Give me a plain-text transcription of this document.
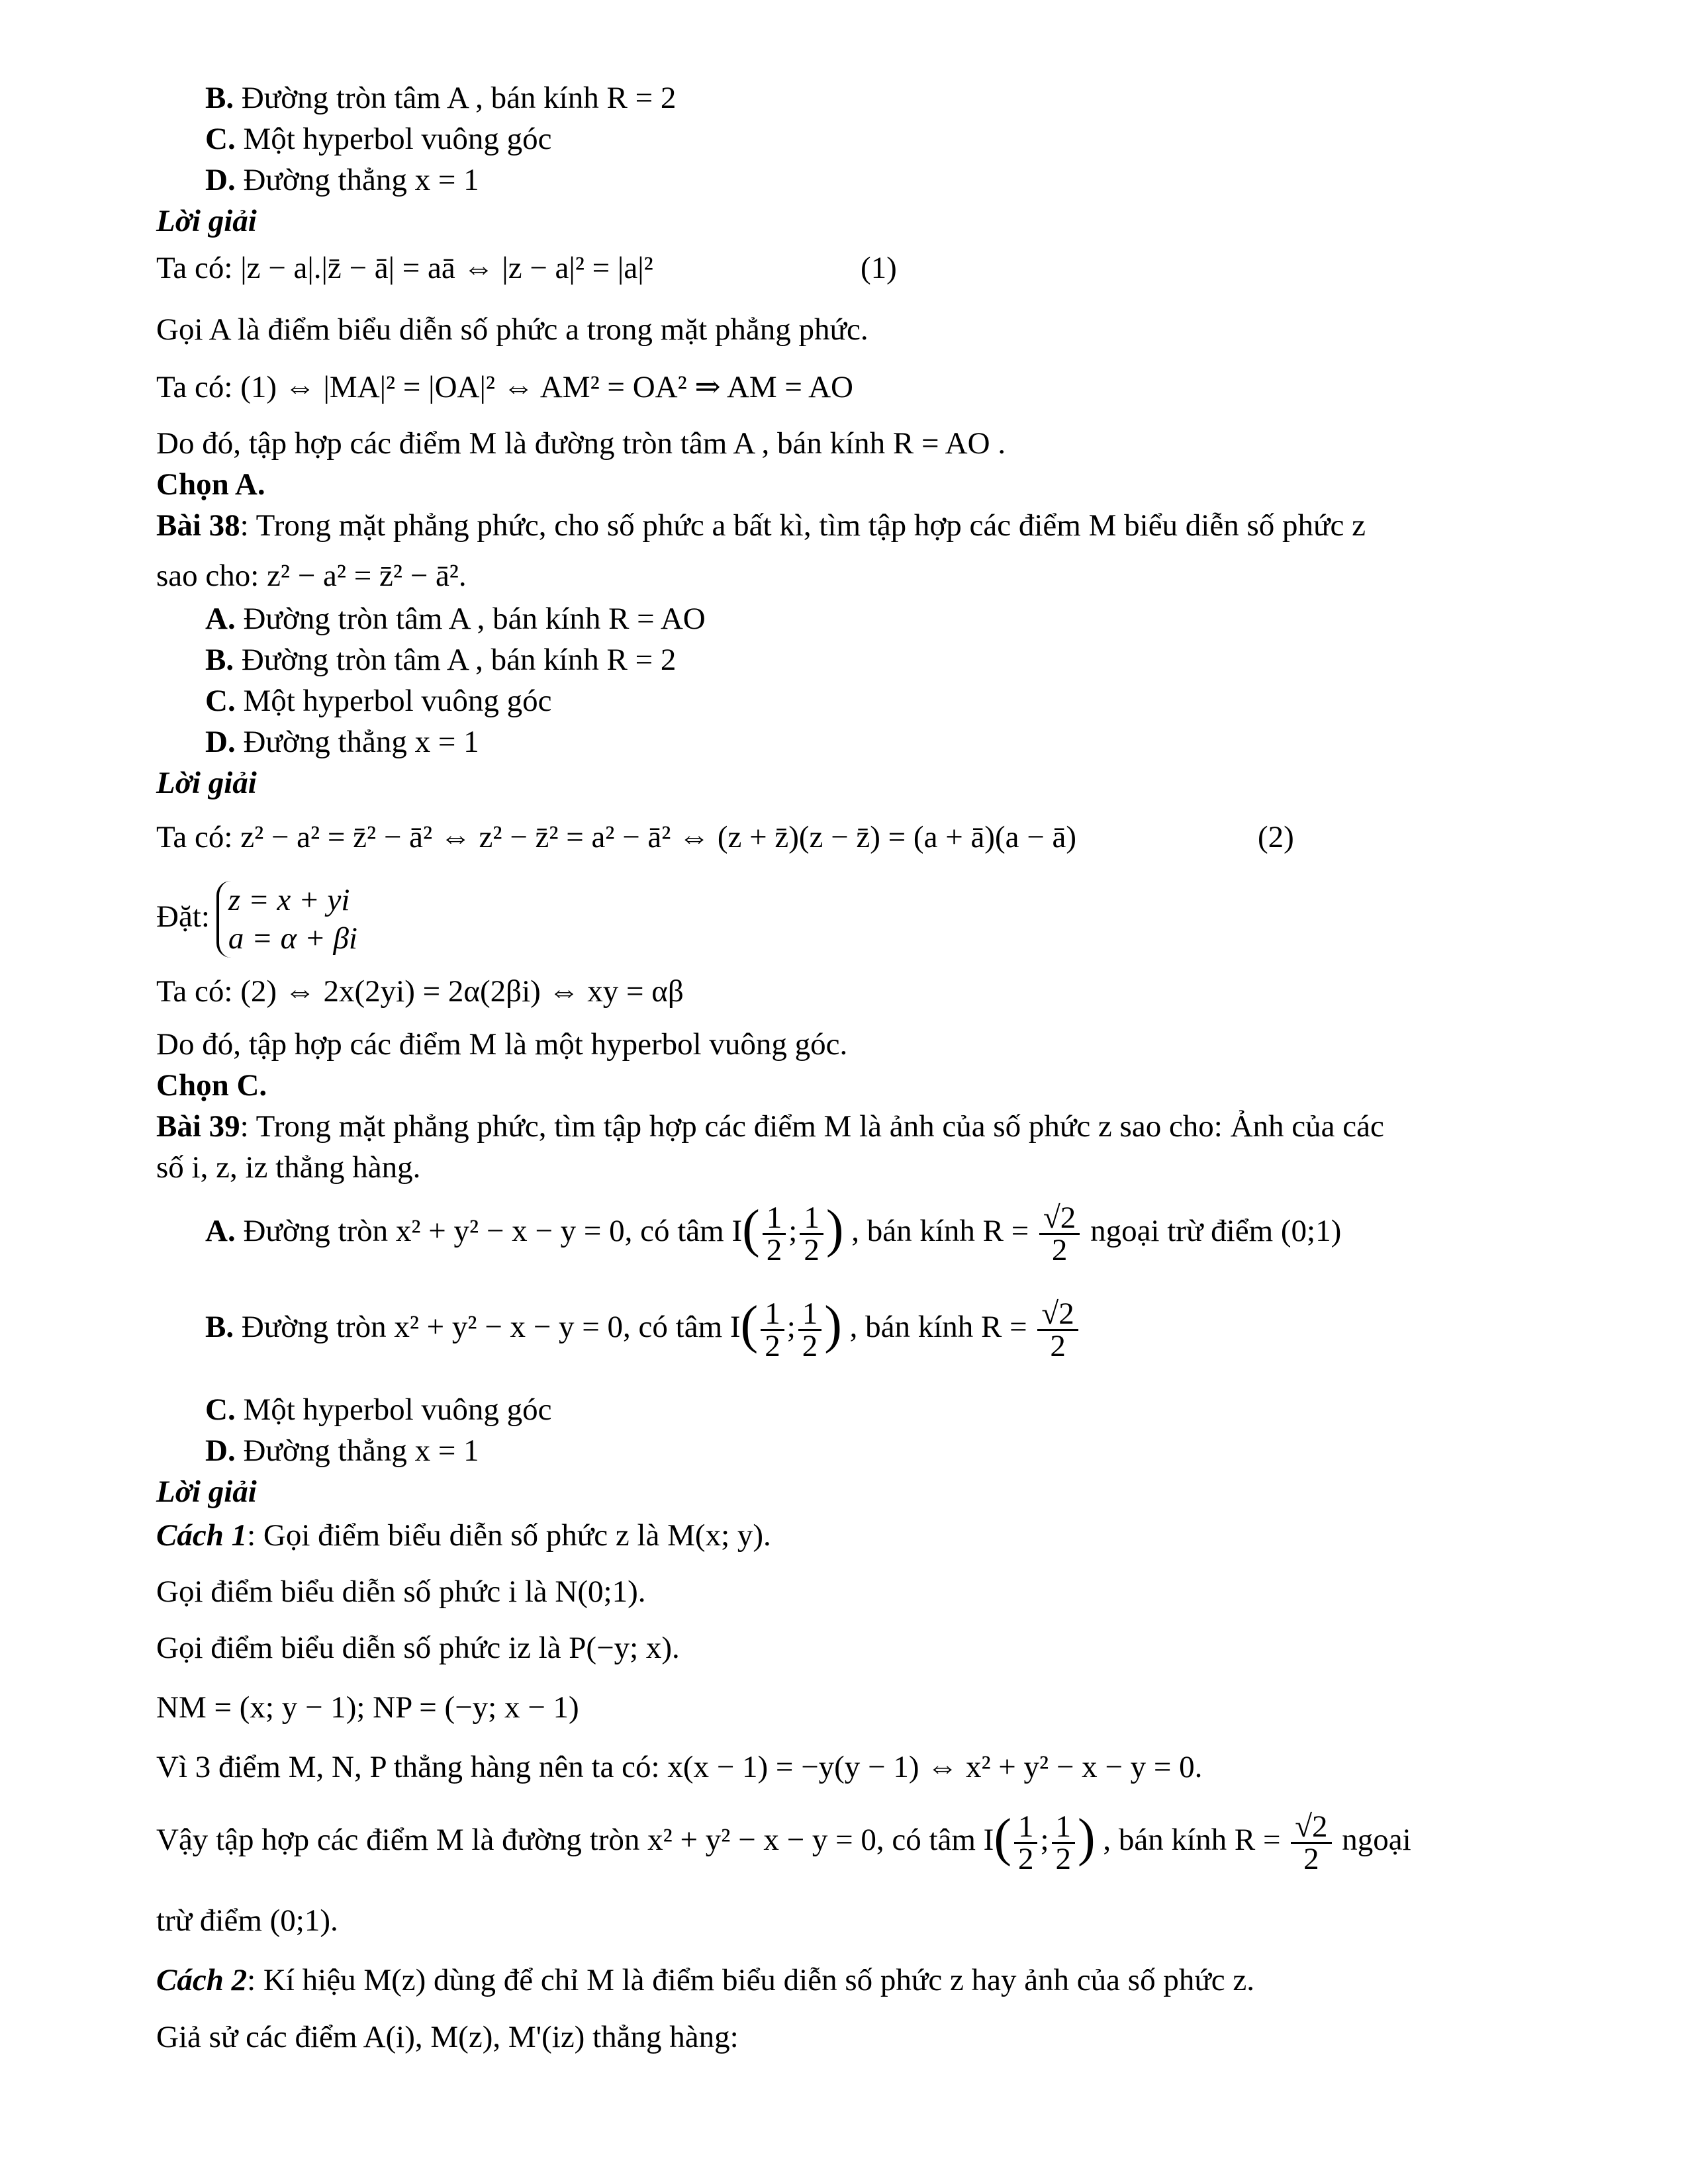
B. Đường tròn tâm A , bán kính R = 2
C. Một hyperbol vuông góc
D. Đường thẳng x = 1
Lời giải
Ta có: |z − a|.|z̄ − ā| = aā ⇔ |z − a|² = |a|²	(1)
Gọi A là điểm biểu diễn số phức a trong mặt phẳng phức.
Ta có: (1) ⇔ |MA|² = |OA|² ⇔ AM² = OA² ⇒ AM = AO
Do đó, tập hợp các điểm M là đường tròn tâm A , bán kính R = AO .
Chọn A.
Bài 38: Trong mặt phẳng phức, cho số phức a bất kì, tìm tập hợp các điểm M biểu diễn số phức z
sao cho: z² − a² = z̄² − ā².
A. Đường tròn tâm A , bán kính R = AO
B. Đường tròn tâm A , bán kính R = 2
C. Một hyperbol vuông góc
D. Đường thẳng x = 1
Lời giải
Ta có: z² − a² = z̄² − ā² ⇔ z² − z̄² = a² − ā² ⇔ (z + z̄)(z − z̄) = (a + ā)(a − ā)	(2)
Đặt: z = x + yi
a = α + βi
Ta có: (2) ⇔ 2x(2yi) = 2α(2βi) ⇔ xy = αβ
Do đó, tập hợp các điểm M là một hyperbol vuông góc.
Chọn C.
Bài 39: Trong mặt phẳng phức, tìm tập hợp các điểm M là ảnh của số phức z sao cho: Ảnh của các
số i, z, iz thẳng hàng.
A. Đường tròn x² + y² − x − y = 0, có tâm $I( \frac{1}{2}$ ; $\frac{1}{2}$ ) , bán kính $R = \frac{√2}{2}$ ngoại trừ điểm (0;1)
B. Đường tròn x² + y² − x − y = 0, có tâm $I( \frac{1}{2}$ ; $\frac{1}{2}$ ) , bán kính $R = \frac{√2}{2}$
C. Một hyperbol vuông góc
D. Đường thẳng x = 1
Lời giải
Cách 1: Gọi điểm biểu diễn số phức z là M(x; y).
Gọi điểm biểu diễn số phức i là N(0;1).
Gọi điểm biểu diễn số phức iz là P(−y; x).
NM = (x; y − 1); NP = (−y; x − 1)
Vì 3 điểm M, N, P thẳng hàng nên ta có: x(x − 1) = −y(y − 1) ⇔ x² + y² − x − y = 0.
Vậy tập hợp các điểm M là đường tròn x² + y² − x − y = 0, có tâm $I( \frac{1}{2}$ ; $\frac{1}{2}$ ) , bán kính $R = \frac{√2}{2}$ ngoại
trừ điểm (0;1).
Cách 2: Kí hiệu M(z) dùng để chỉ M là điểm biểu diễn số phức z hay ảnh của số phức z.
Giả sử các điểm A(i), M(z), M'(iz) thẳng hàng:
